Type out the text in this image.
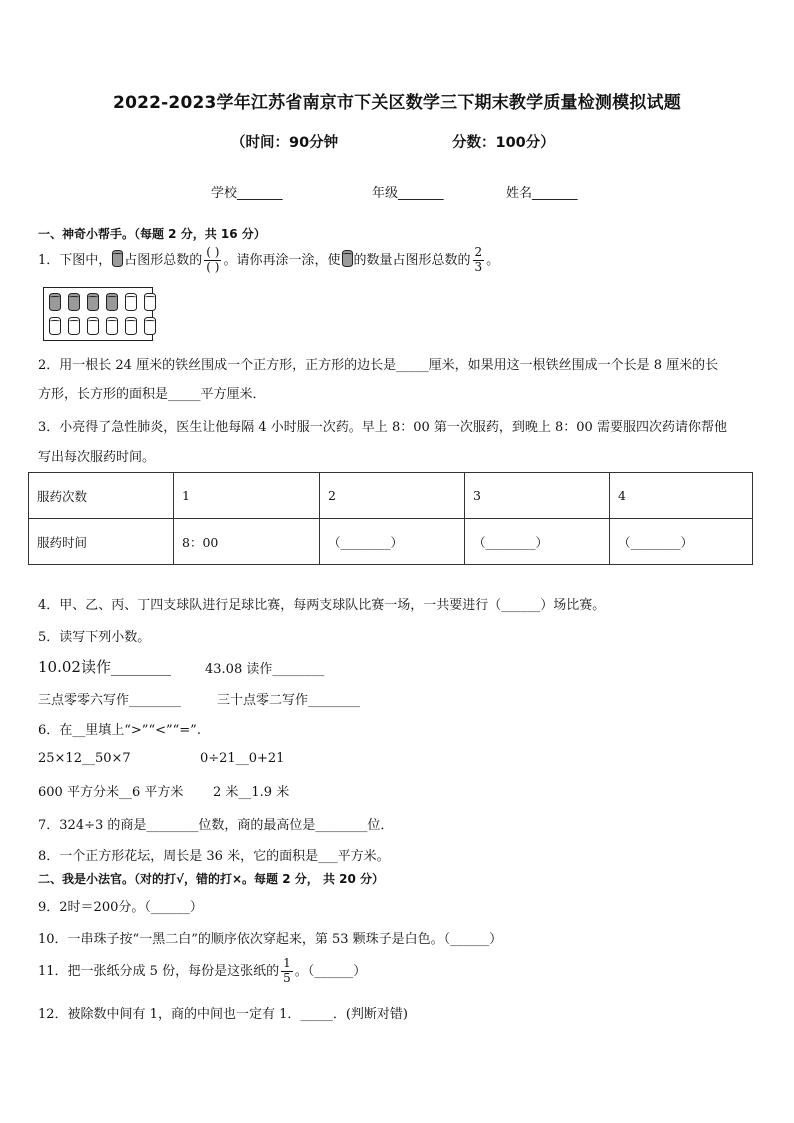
2022-2023学年江苏省南京市下关区数学三下期末教学质量检测模拟试题
（时间：90分钟	分数：100分）
学校_______	年级_______	姓名_______
一、神奇小帮手。（每题 2 分，共 16 分）
1．下图中， 占图形总数的 $\frac{( )}{( )}$ 。请你再涂一涂，使 的数量占图形总数的 $\frac{2}{3}$ 。
2．用一根长 24 厘米的铁丝围成一个正方形，正方形的边长是_____厘米，如果用这一根铁丝围成一个长是 8 厘米的长
方形，长方形的面积是_____平方厘米．
3．小亮得了急性肺炎，医生让他每隔 4 小时服一次药。早上 8：00 第一次服药，到晚上 8：00 需要服四次药请你帮他
写出每次服药时间。
服药次数	1	2	3	4
服药时间	8：00	（________）	（________）	（________）
4．甲、乙、丙、丁四支球队进行足球比赛，每两支球队比赛一场，一共要进行（______）场比赛。
5．读写下列小数。
10.02读作________	43.08 读作________
三点零零六写作________	三十点零二写作________
6．在__里填上“>”“<”“=”.
25×12__50×7	0÷21__0+21
600 平方分米__6 平方米 2 米__1.9 米
7．324÷3 的商是________位数，商的最高位是________位．
8．一个正方形花坛，周长是 36 米，它的面积是___平方米。
二、我是小法官。（对的打√，错的打×。每题 2 分， 共 20 分）
9．2时＝200分。（______）
10．一串珠子按“一黑二白”的顺序依次穿起来，第 53 颗珠子是白色。（______）
11．把一张纸分成 5 份，每份是这张纸的 $\frac{1}{5}$ 。（______）
12．被除数中间有 1，商的中间也一定有 1．_____．(判断对错)
